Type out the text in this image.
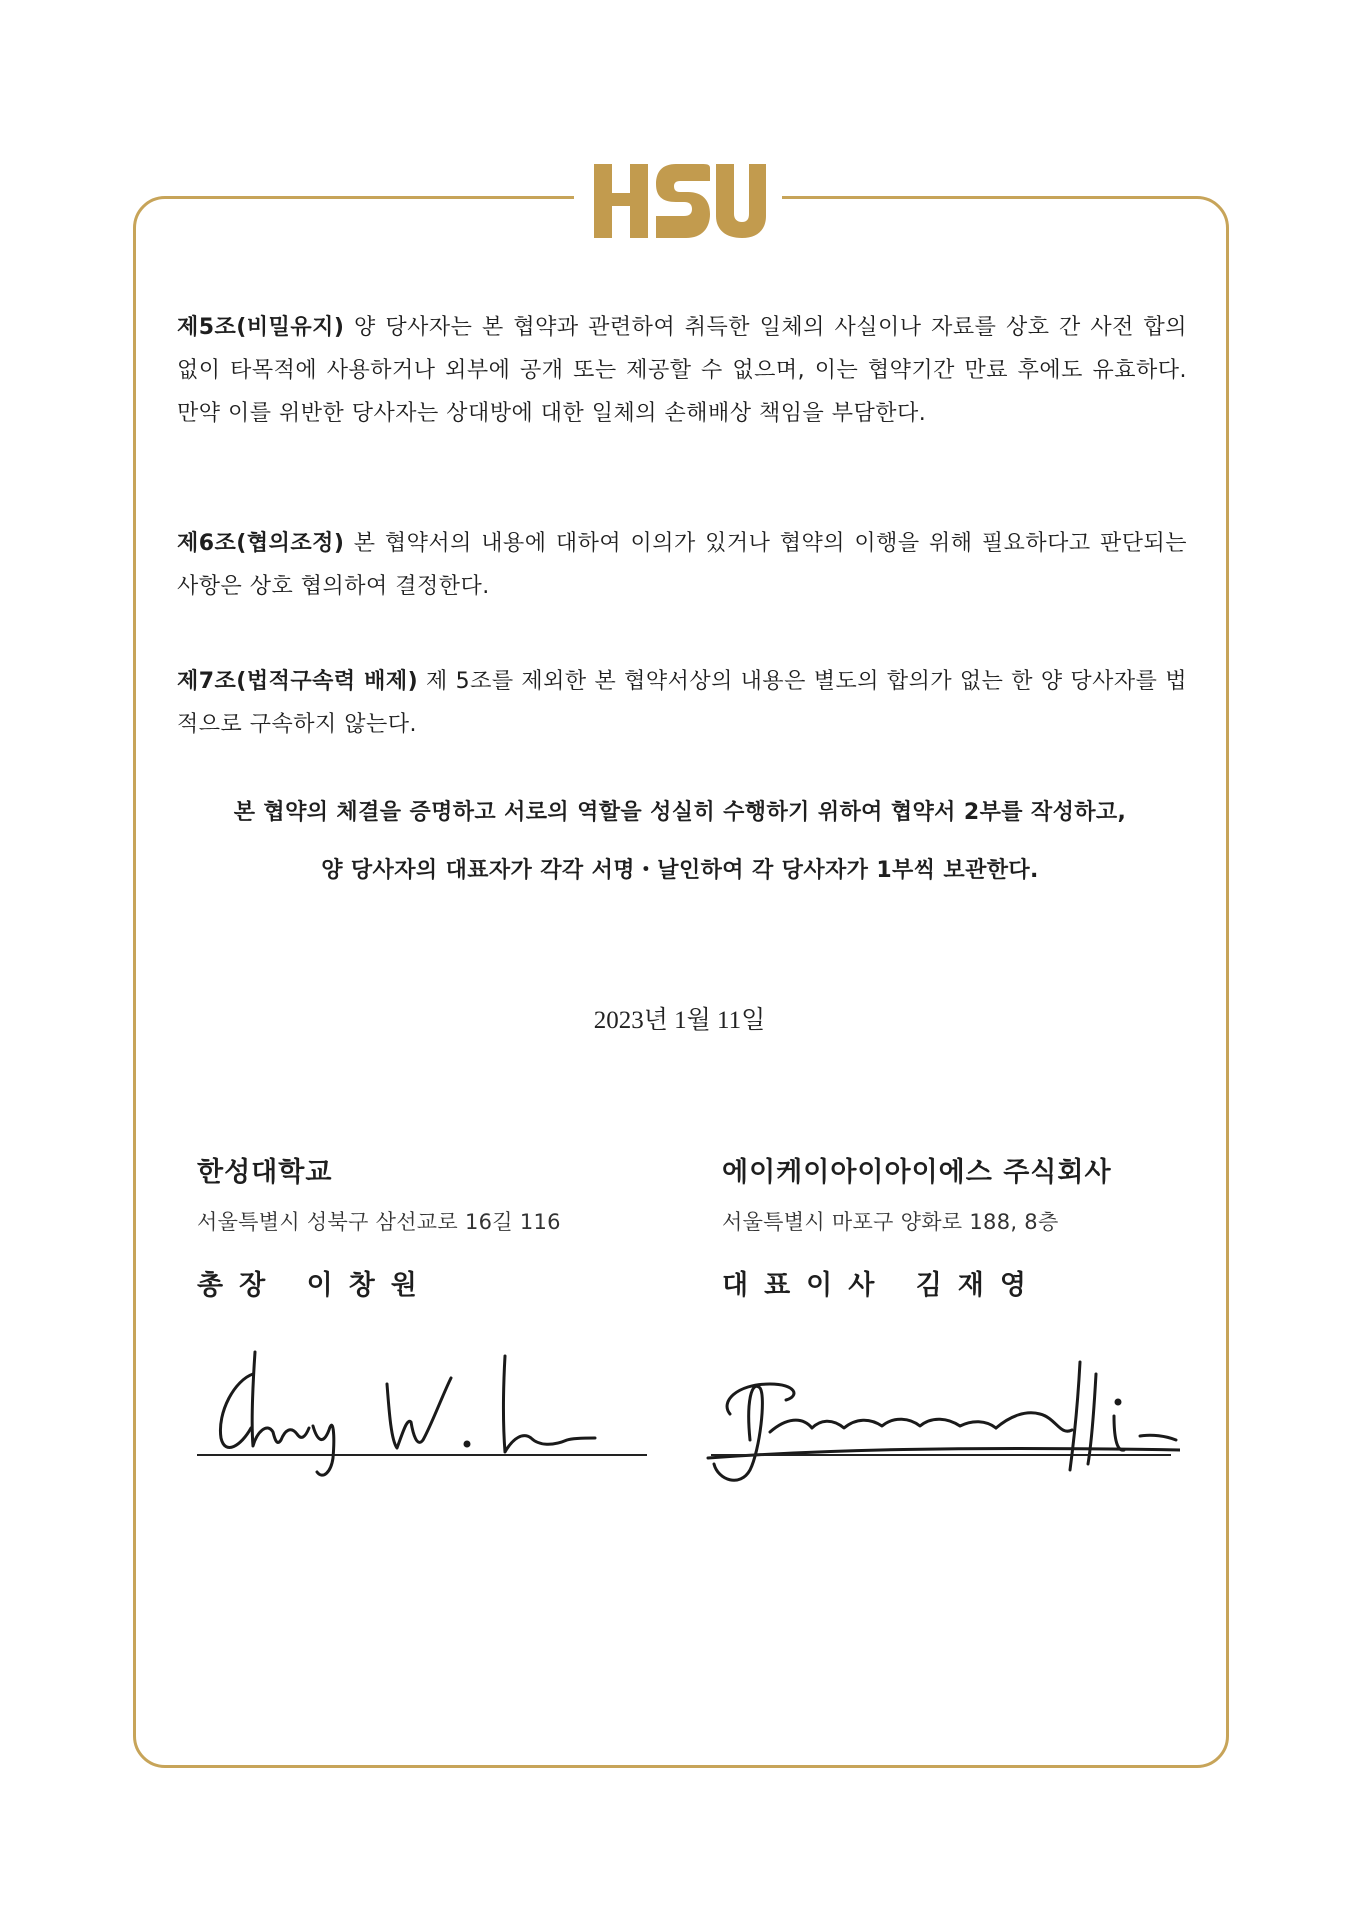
제5조(비밀유지) 양 당사자는 본 협약과 관련하여 취득한 일체의 사실이나 자료를 상호 간 사전 합의 없이 타목적에 사용하거나 외부에 공개 또는 제공할 수 없으며, 이는 협약기간 만료 후에도 유효하다. 만약 이를 위반한 당사자는 상대방에 대한 일체의 손해배상 책임을 부담한다.
제6조(협의조정) 본 협약서의 내용에 대하여 이의가 있거나 협약의 이행을 위해 필요하다고 판단되는 사항은 상호 협의하여 결정한다.
제7조(법적구속력 배제) 제 5조를 제외한 본 협약서상의 내용은 별도의 합의가 없는 한 양 당사자를 법적으로 구속하지 않는다.
본 협약의 체결을 증명하고 서로의 역할을 성실히 수행하기 위하여 협약서 2부를 작성하고,
양 당사자의 대표자가 각각 서명・날인하여 각 당사자가 1부씩 보관한다.
2023년 1월 11일
한성대학교
서울특별시 성북구 삼선교로 16길 116
총장 이창원
에이케이아이아이에스 주식회사
서울특별시 마포구 양화로 188, 8층
대표이사 김재영
